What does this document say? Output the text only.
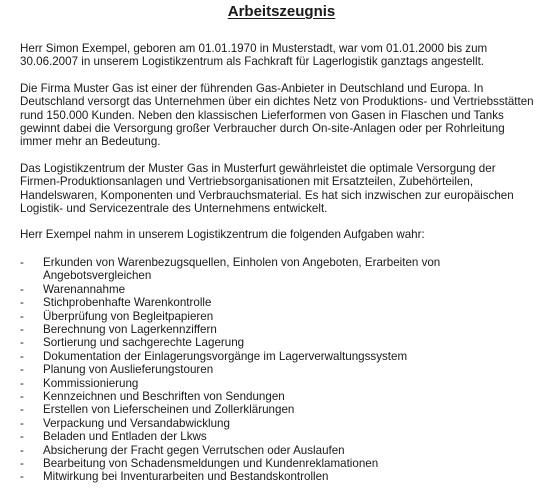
Arbeitszeugnis

Herr Simon Exempel, geboren am 01.01.1970 in Musterstadt, war vom 01.01.2000 bis zum 30.06.2007 in unserem Logistikzentrum als Fachkraft für Lagerlogistik ganztags angestellt.

Die Firma Muster Gas ist einer der führenden Gas-Anbieter in Deutschland und Europa. In Deutschland versorgt das Unternehmen über ein dichtes Netz von Produktions- und Vertriebsstätten rund 150.000 Kunden. Neben den klassischen Lieferformen von Gasen in Flaschen und Tanks gewinnt dabei die Versorgung großer Verbraucher durch On-site-Anlagen oder per Rohrleitung immer mehr an Bedeutung.

Das Logistikzentrum der Muster Gas in Musterfurt gewährleistet die optimale Versorgung der Firmen-Produktionsanlagen und Vertriebsorganisationen mit Ersatzteilen, Zubehörteilen, Handelswaren, Komponenten und Verbrauchsmaterial. Es hat sich inzwischen zur europäischen Logistik- und Servicezentrale des Unternehmens entwickelt.

Herr Exempel nahm in unserem Logistikzentrum die folgenden Aufgaben wahr:

- Erkunden von Warenbezugsquellen, Einholen von Angeboten, Erarbeiten von Angebotsvergleichen
- Warenannahme
- Stichprobenhafte Warenkontrolle
- Überprüfung von Begleitpapieren
- Berechnung von Lagerkennziffern
- Sortierung und sachgerechte Lagerung
- Dokumentation der Einlagerungsvorgänge im Lagerverwaltungssystem
- Planung von Auslieferungstouren
- Kommissionierung
- Kennzeichnen und Beschriften von Sendungen
- Erstellen von Lieferscheinen und Zollerklärungen
- Verpackung und Versandabwicklung
- Beladen und Entladen der Lkws
- Absicherung der Fracht gegen Verrutschen oder Auslaufen
- Bearbeitung von Schadensmeldungen und Kundenreklamationen
- Mitwirkung bei Inventurarbeiten und Bestandskontrollen
